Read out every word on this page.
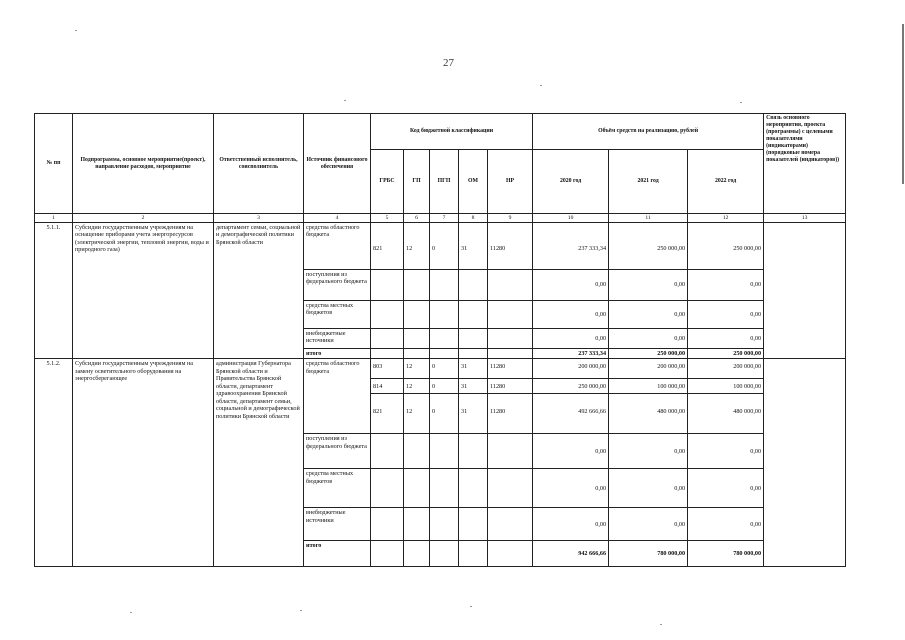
27
№ пп	Подпрограмма, основное мероприятие(проект), направление расходов, мероприятие	Ответственный исполнитель, соисполнитель	Источник финансового обеспечения	Код бюджетной классификации					Объём средств на реализацию, рублей			Связь основного мероприятия, проекта (программы) с целевыми показателями (индикаторами) (порядковые номера показателей (индикаторов))
				ГРБС	ГП	ПГП	ОМ	НР	2020 год	2021 год	2022 год	
1	2	3	4	5	6	7	8	9	10	11	12	13
5.1.1.	Субсидии государственным учреждениям на оснащение приборами учета энергоресурсов (электрической энергии, тепловой энергии, воды и природного газа)	департамент семьи, социальной и демографической политики Брянской области	средства областного бюджета	821	12	0	31	11280	237 333,34	250 000,00	250 000,00	
			поступления из федерального бюджета						0,00	0,00	0,00	
			средства местных бюджетов						0,00	0,00	0,00	
			внебюджетные источники						0,00	0,00	0,00	
			итого						237 333,34	250 000,00	250 000,00	
5.1.2.	Субсидии государственным учреждениям на замену осветительного оборудования на энергосберегающее	администрация Губернатора Брянской области и Правительства Брянской области, департамент здравоохранения Брянской области, департамент семьи, социальной и демографической политики Брянской области	средства областного бюджета	803	12	0	31	11280	200 000,00	200 000,00	200 000,00	
				814	12	0	31	11280	250 000,00	100 000,00	100 000,00	
				821	12	0	31	11280	492 666,66	480 000,00	480 000,00	
			поступления из федерального бюджета						0,00	0,00	0,00	
			средства местных бюджетов						0,00	0,00	0,00	
			внебюджетные источники						0,00	0,00	0,00	
			итого						942 666,66	780 000,00	780 000,00	
